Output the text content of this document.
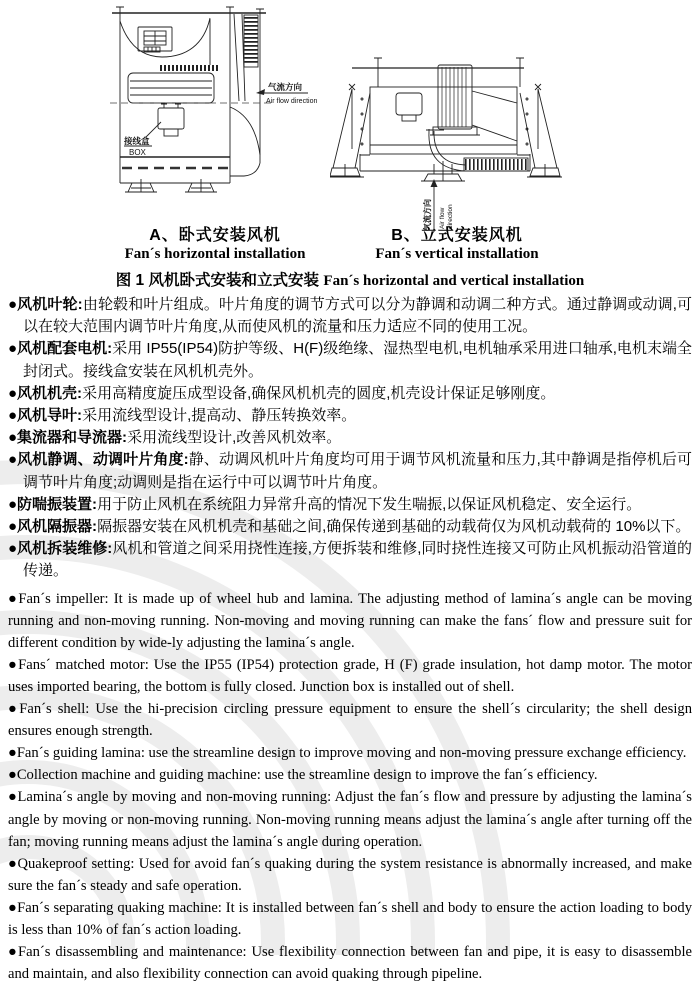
接线盒
BOX
气流方向
Air flow direction
气流方向 Air flow direction
A、卧式安装风机
Fan´s horizontal installation
B、立式安装风机
Fan´s vertical installation
图 1 风机卧式安装和立式安装 Fan´s horizontal and vertical installation

●风机叶轮:由轮毂和叶片组成。叶片角度的调节方式可以分为静调和动调二种方式。通过静调或动调,可以在较大范围内调节叶片角度,从而使风机的流量和压力适应不同的使用工况。

●风机配套电机:采用 IP55(IP54)防护等级、H(F)级绝缘、湿热型电机,电机轴承采用进口轴承,电机末端全封闭式。接线盒安装在风机机壳外。

●风机机壳:采用高精度旋压成型设备,确保风机机壳的圆度,机壳设计保证足够刚度。

●风机导叶:采用流线型设计,提高动、静压转换效率。

●集流器和导流器:采用流线型设计,改善风机效率。

●风机静调、动调叶片角度:静、动调风机叶片角度均可用于调节风机流量和压力,其中静调是指停机后可调节叶片角度;动调则是指在运行中可以调节叶片角度。

●防喘振装置:用于防止风机在系统阻力异常升高的情况下发生喘振,以保证风机稳定、安全运行。

●风机隔振器:隔振器安装在风机机壳和基础之间,确保传递到基础的动载荷仅为风机动载荷的 10%以下。

●风机拆装维修:风机和管道之间采用挠性连接,方便拆装和维修,同时挠性连接又可防止风机振动沿管道的传递。

●Fan´s impeller: It is made up of wheel hub and lamina. The adjusting method of lamina´s angle can be moving running and non-moving running. Non-moving and moving running can make the fans´ flow and pressure suit for different condition by wide-ly adjusting the lamina´s angle.

●Fans´ matched motor: Use the IP55 (IP54) protection grade, H (F) grade insulation, hot damp motor. The motor uses imported bearing, the bottom is fully closed. Junction box is installed out of shell.

●Fan´s shell: Use the hi-precision circling pressure equipment to ensure the shell´s circularity; the shell design ensures enough strength.

●Fan´s guiding lamina: use the streamline design to improve moving and non-moving pressure exchange efficiency.

●Collection machine and guiding machine: use the streamline design to improve the fan´s efficiency.

●Lamina´s angle by moving and non-moving running: Adjust the fan´s flow and pressure by adjusting the lamina´s angle by moving or non-moving running. Non-moving running means adjust the lamina´s angle after turning off the fan; moving running means adjust the lamina´s angle during operation.

●Quakeproof setting: Used for avoid fan´s quaking during the system resistance is abnormally increased, and make sure the fan´s steady and safe operation.

●Fan´s separating quaking machine: It is installed between fan´s shell and body to ensure the action loading to body is less than 10% of fan´s action loading.

●Fan´s disassembling and maintenance: Use flexibility connection between fan and pipe, it is easy to disassemble and maintain, and also flexibility connection can avoid quaking through pipeline.
